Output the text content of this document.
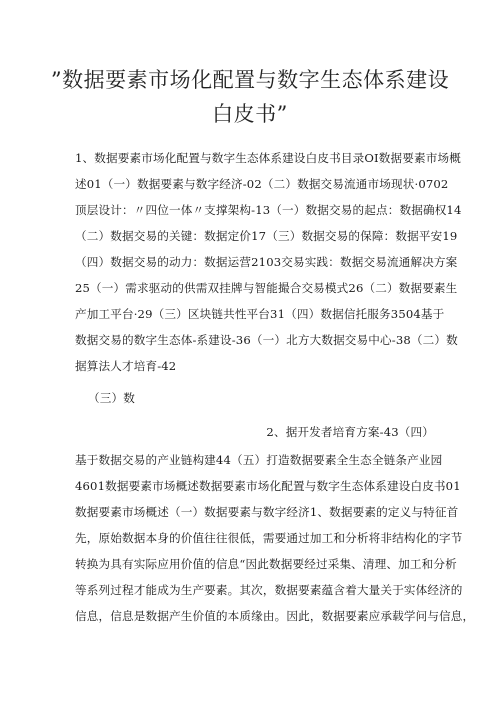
”数据要素市场化配置与数字生态体系建设
白皮书”
1、数据要素市场化配置与数字生态体系建设白皮书目录OI数据要素市场概
述01（一）数据要素与数字经济-02（二）数据交易流通市场现状·0702
顶层设计：〃四位一体〃支撑架构-13（一）数据交易的起点：数据确权14
（二）数据交易的关键：数据定价17（三）数据交易的保障：数据平安19
（四）数据交易的动力：数据运营2103交易实践：数据交易流通解决方案
25（一）需求驱动的供需双挂牌与智能撮合交易模式26（二）数据要素生
产加工平台·29（三）区块链共性平台31（四）数据信托服务3504基于
数据交易的数字生态体-系建设-36（一）北方大数据交易中心-38（二）数
据算法人才培育-42
（三）数
2、据开发者培育方案-43（四）
基于数据交易的产业链构建44（五）打造数据要素全生态全链条产业园
4601数据要素市场概述数据要素市场化配置与数字生态体系建设白皮书01
数据要素市场概述（一）数据要素与数字经济1、数据要素的定义与特征首
先，原始数据本身的价值往往很低，需要通过加工和分析将非结构化的字节
转换为具有实际应用价值的信息“因此数据要经过采集、清理、加工和分析
等系列过程才能成为生产要素。其次，数据要素蕴含着大量关于实体经济的
信息，信息是数据产生价值的本质缘由。因此，数据要素应承载学问与信息，
